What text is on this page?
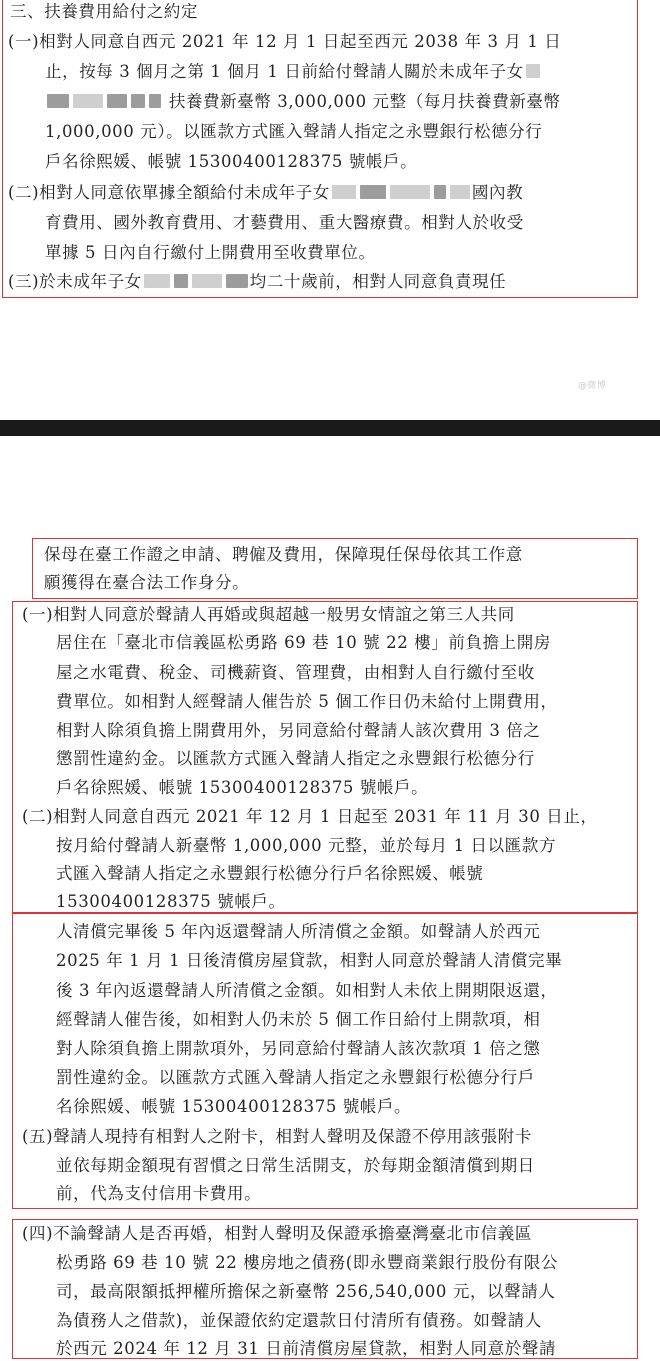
三、扶養費用給付之約定
(一)相對人同意自西元 2021 年 12 月 1 日起至西元 2038 年 3 月 1 日
止，按每 3 個月之第 1 個月 1 日前給付聲請人關於未成年子女
扶養費新臺幣 3,000,000 元整（每月扶養費新臺幣
1,000,000 元）。以匯款方式匯入聲請人指定之永豐銀行松德分行
戶名徐熙媛、帳號 15300400128375 號帳戶。
(二)相對人同意依單據全額給付未成年子女	國內教
育費用、國外教育費用、才藝費用、重大醫療費。相對人於收受
單據 5 日內自行繳付上開費用至收費單位。
(三)於未成年子女	均二十歲前，相對人同意負責現任
@微博
保母在臺工作證之申請、聘僱及費用，保障現任保母依其工作意
願獲得在臺合法工作身分。
(一)相對人同意於聲請人再婚或與超越一般男女情誼之第三人共同
居住在「臺北市信義區松勇路 69 巷 10 號 22 樓」前負擔上開房
屋之水電費、稅金、司機薪資、管理費，由相對人自行繳付至收
費單位。如相對人經聲請人催告於 5 個工作日仍未給付上開費用，
相對人除須負擔上開費用外，另同意給付聲請人該次費用 3 倍之
懲罰性違約金。以匯款方式匯入聲請人指定之永豐銀行松德分行
戶名徐熙媛、帳號 15300400128375 號帳戶。
(二)相對人同意自西元 2021 年 12 月 1 日起至 2031 年 11 月 30 日止，
按月給付聲請人新臺幣 1,000,000 元整，並於每月 1 日以匯款方
式匯入聲請人指定之永豐銀行松德分行戶名徐熙媛、帳號
15300400128375 號帳戶。
人清償完畢後 5 年內返還聲請人所清償之金額。如聲請人於西元
2025 年 1 月 1 日後清償房屋貸款，相對人同意於聲請人清償完畢
後 3 年內返還聲請人所清償之金額。如相對人未依上開期限返還，
經聲請人催告後，如相對人仍未於 5 個工作日給付上開款項，相
對人除須負擔上開款項外，另同意給付聲請人該次款項 1 倍之懲
罰性違約金。以匯款方式匯入聲請人指定之永豐銀行松德分行戶
名徐熙媛、帳號 15300400128375 號帳戶。
(五)聲請人現持有相對人之附卡，相對人聲明及保證不停用該張附卡
並依每期金額現有習慣之日常生活開支，於每期金額清償到期日
前，代為支付信用卡費用。
(四)不論聲請人是否再婚，相對人聲明及保證承擔臺灣臺北市信義區
松勇路 69 巷 10 號 22 樓房地之債務(即永豐商業銀行股份有限公
司，最高限額抵押權所擔保之新臺幣 256,540,000 元，以聲請人
為債務人之借款)，並保證依約定還款日付清所有債務。如聲請人
於西元 2024 年 12 月 31 日前清償房屋貸款，相對人同意於聲請
